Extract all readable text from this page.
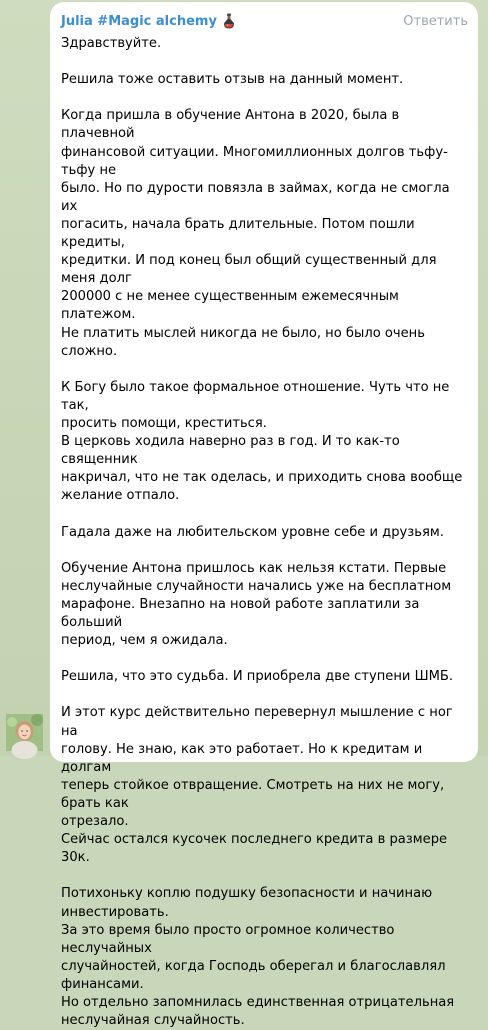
Julia #Magic alchemy	Ответить

Здравствуйте.

Решила тоже оставить отзыв на данный момент.

Когда пришла в обучение Антона в 2020, была в плачевной
финансовой ситуации. Многомиллионных долгов тьфу-тьфу не
было. Но по дурости повязла в займах, когда не смогла их
погасить, начала брать длительные. Потом пошли кредиты,
кредитки. И под конец был общий существенный для меня долг
200000 с не менее существенным ежемесячным платежом.
Не платить мыслей никогда не было, но было очень сложно.

К Богу было такое формальное отношение. Чуть что не так,
просить помощи, креститься.
В церковь ходила наверно раз в год. И то как-то священник
накричал, что не так оделась, и приходить снова вообще
желание отпало.

Гадала даже на любительском уровне себе и друзьям.

Обучение Антона пришлось как нельзя кстати. Первые
неслучайные случайности начались уже на бесплатном
марафоне. Внезапно на новой работе заплатили за больший
период, чем я ожидала.

Решила, что это судьба. И приобрела две ступени ШМБ.

И этот курс действительно перевернул мышление с ног на
голову. Не знаю, как это работает. Но к кредитам и долгам
теперь стойкое отвращение. Смотреть на них не могу, брать как
отрезало.
Сейчас остался кусочек последнего кредита в размере 30к.

Потихоньку коплю подушку безопасности и начинаю
инвестировать.
За это время было просто огромное количество неслучайных
случайностей, когда Господь оберегал и благославлял
финансами.
Но отдельно запомнилась единственная отрицательная
неслучайная случайность.
